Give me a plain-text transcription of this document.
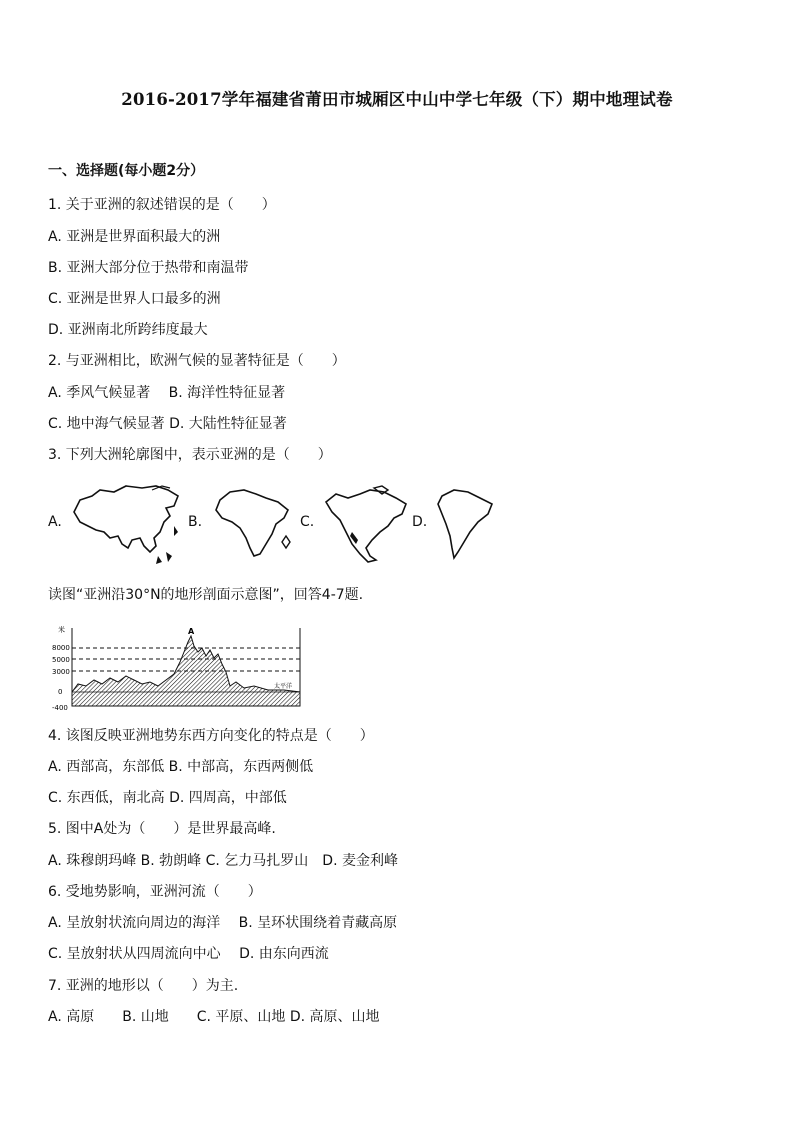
2016-2017学年福建省莆田市城厢区中山中学七年级（下）期中地理试卷
一、选择题(每小题2分）
1. 关于亚洲的叙述错误的是（　　）
A. 亚洲是世界面积最大的洲
B. 亚洲大部分位于热带和南温带
C. 亚洲是世界人口最多的洲
D. 亚洲南北所跨纬度最大
2. 与亚洲相比，欧洲气候的显著特征是（　　）
A. 季风气候显著　 B. 海洋性特征显著
C. 地中海气候显著 D. 大陆性特征显著
3. 下列大洲轮廓图中，表示亚洲的是（　　）
A.	B.	C.	D.
读图“亚洲沿30°N的地形剖面示意图”，回答4-7题.
米
8000
5000
3000
0
-400
A
太平洋
4. 该图反映亚洲地势东西方向变化的特点是（　　）
A. 西部高，东部低 B. 中部高，东西两侧低
C. 东西低，南北高 D. 四周高，中部低
5. 图中A处为（　　）是世界最高峰.
A. 珠穆朗玛峰 B. 勃朗峰 C. 乞力马扎罗山　D. 麦金利峰
6. 受地势影响，亚洲河流（　　）
A. 呈放射状流向周边的海洋　 B. 呈环状围绕着青藏高原
C. 呈放射状从四周流向中心　 D. 由东向西流
7. 亚洲的地形以（　　）为主.
A. 高原　　B. 山地　　C. 平原、山地 D. 高原、山地
